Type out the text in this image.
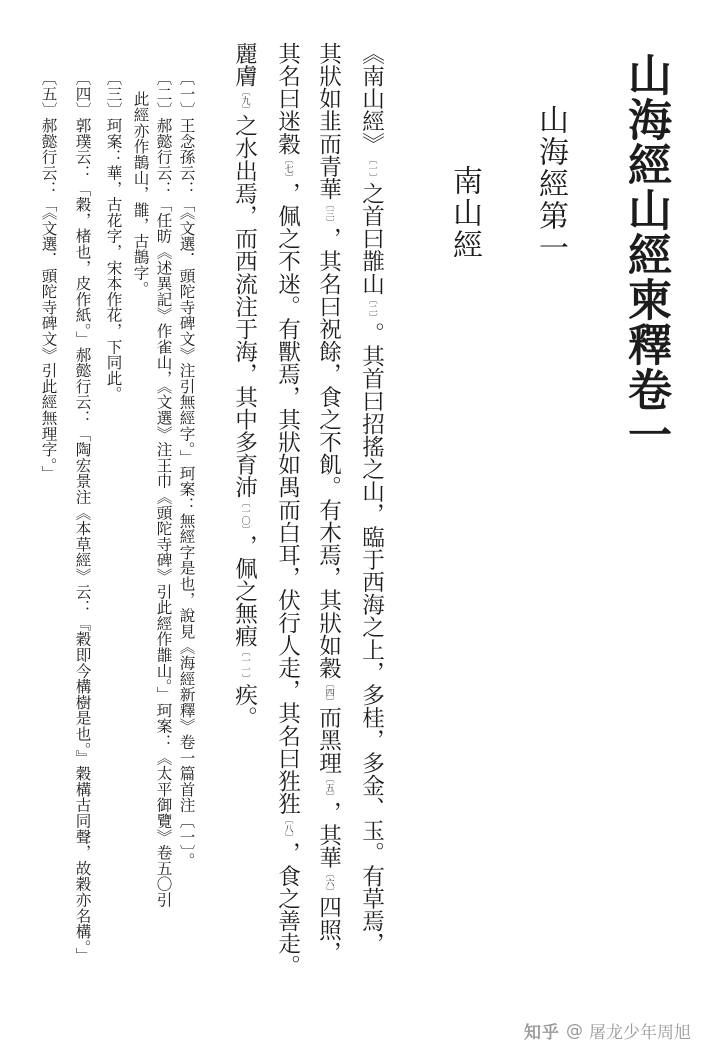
山海經山經柬釋卷一
山海經第一
南山經
《南山經》〔一〕之首曰䧿山〔二〕。其首曰招搖之山，臨于西海之上，多桂，多金、玉。有草焉，
其狀如韭而青華〔三〕，其名曰祝餘，食之不飢。有木焉，其狀如穀〔四〕而黑理〔五〕，其華〔六〕四照，
其名曰迷穀〔七〕，佩之不迷。有獸焉，其狀如禺而白耳，伏行人走，其名曰狌狌〔八〕，食之善走。
麗膚〔九〕之水出焉，而西流注于海，其中多育沛〔一〇〕，佩之無瘕〔一一〕疾。
〔一〕王念孫云：「《文選．頭陀寺碑文》注引無經字。」珂案：無經字是也，說見《海經新釋》卷一篇首注〔一〕。
〔二〕郝懿行云：「任昉《述異記》作雀山，《文選》注王巾《頭陀寺碑》引此經作䧿山。」珂案：《太平御覽》卷五〇引
此經亦作鵲山，䧿，古鵲字。
〔三〕珂案：華，古花字，宋本作花，下同此。
〔四〕郭璞云：「穀，楮也，皮作紙。」郝懿行云：「陶宏景注《本草經》云：『穀即今構樹是也。』穀構古同聲，故穀亦名構。」
〔五〕郝懿行云：「《文選．頭陀寺碑文》引此經無理字。」
知乎 @ 屠龙少年周旭
